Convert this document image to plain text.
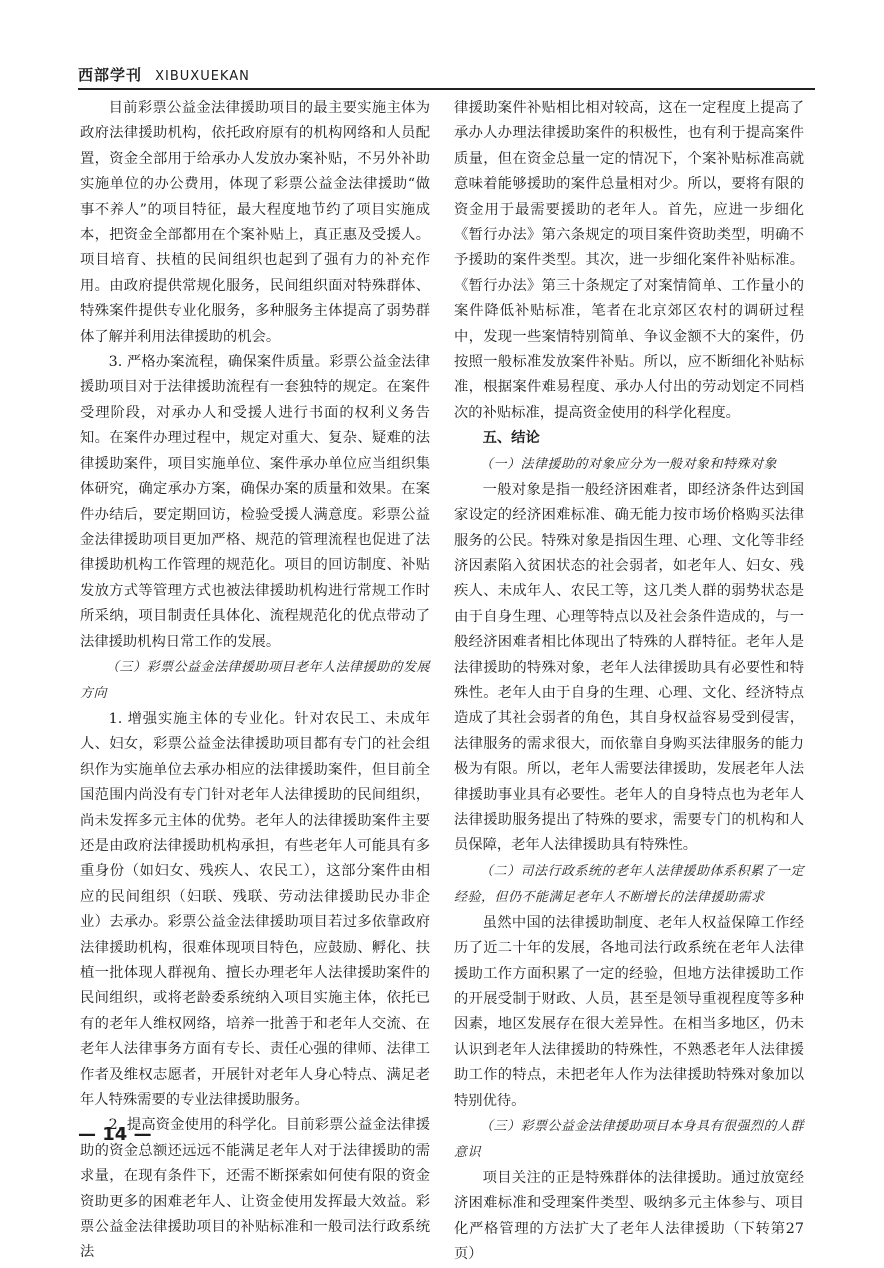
西部学刊 XIBUXUEKAN

目前彩票公益金法律援助项目的最主要实施主体为政府法律援助机构，依托政府原有的机构网络和人员配置，资金全部用于给承办人发放办案补贴，不另外补助实施单位的办公费用，体现了彩票公益金法律援助“做事不养人”的项目特征，最大程度地节约了项目实施成本，把资金全部都用在个案补贴上，真正惠及受援人。项目培育、扶植的民间组织也起到了强有力的补充作用。由政府提供常规化服务，民间组织面对特殊群体、特殊案件提供专业化服务，多种服务主体提高了弱势群体了解并利用法律援助的机会。

3. 严格办案流程，确保案件质量。彩票公益金法律援助项目对于法律援助流程有一套独特的规定。在案件受理阶段，对承办人和受援人进行书面的权利义务告知。在案件办理过程中，规定对重大、复杂、疑难的法律援助案件，项目实施单位、案件承办单位应当组织集体研究，确定承办方案，确保办案的质量和效果。在案件办结后，要定期回访，检验受援人满意度。彩票公益金法律援助项目更加严格、规范的管理流程也促进了法律援助机构工作管理的规范化。项目的回访制度、补贴发放方式等管理方式也被法律援助机构进行常规工作时所采纳，项目制责任具体化、流程规范化的优点带动了法律援助机构日常工作的发展。

（三）彩票公益金法律援助项目老年人法律援助的发展方向

1. 增强实施主体的专业化。针对农民工、未成年人、妇女，彩票公益金法律援助项目都有专门的社会组织作为实施单位去承办相应的法律援助案件，但目前全国范围内尚没有专门针对老年人法律援助的民间组织，尚未发挥多元主体的优势。老年人的法律援助案件主要还是由政府法律援助机构承担，有些老年人可能具有多重身份（如妇女、残疾人、农民工），这部分案件由相应的民间组织（妇联、残联、劳动法律援助民办非企业）去承办。彩票公益金法律援助项目若过多依靠政府法律援助机构，很难体现项目特色，应鼓励、孵化、扶植一批体现人群视角、擅长办理老年人法律援助案件的民间组织，或将老龄委系统纳入项目实施主体，依托已有的老年人维权网络，培养一批善于和老年人交流、在老年人法律事务方面有专长、责任心强的律师、法律工作者及维权志愿者，开展针对老年人身心特点、满足老年人特殊需要的专业法律援助服务。

2. 提高资金使用的科学化。目前彩票公益金法律援助的资金总额还远远不能满足老年人对于法律援助的需求量，在现有条件下，还需不断探索如何使有限的资金资助更多的困难老年人、让资金使用发挥最大效益。彩票公益金法律援助项目的补贴标准和一般司法行政系统法

律援助案件补贴相比相对较高，这在一定程度上提高了承办人办理法律援助案件的积极性，也有利于提高案件质量，但在资金总量一定的情况下，个案补贴标准高就意味着能够援助的案件总量相对少。所以，要将有限的资金用于最需要援助的老年人。首先，应进一步细化《暂行办法》第六条规定的项目案件资助类型，明确不予援助的案件类型。其次，进一步细化案件补贴标准。《暂行办法》第三十条规定了对案情简单、工作量小的案件降低补贴标准，笔者在北京郊区农村的调研过程中，发现一些案情特别简单、争议金额不大的案件，仍按照一般标准发放案件补贴。所以，应不断细化补贴标准，根据案件难易程度、承办人付出的劳动划定不同档次的补贴标准，提高资金使用的科学化程度。

五、结论

（一）法律援助的对象应分为一般对象和特殊对象

一般对象是指一般经济困难者，即经济条件达到国家设定的经济困难标准、确无能力按市场价格购买法律服务的公民。特殊对象是指因生理、心理、文化等非经济因素陷入贫困状态的社会弱者，如老年人、妇女、残疾人、未成年人、农民工等，这几类人群的弱势状态是由于自身生理、心理等特点以及社会条件造成的，与一般经济困难者相比体现出了特殊的人群特征。老年人是法律援助的特殊对象，老年人法律援助具有必要性和特殊性。老年人由于自身的生理、心理、文化、经济特点造成了其社会弱者的角色，其自身权益容易受到侵害，法律服务的需求很大，而依靠自身购买法律服务的能力极为有限。所以，老年人需要法律援助，发展老年人法律援助事业具有必要性。老年人的自身特点也为老年人法律援助服务提出了特殊的要求，需要专门的机构和人员保障，老年人法律援助具有特殊性。

（二）司法行政系统的老年人法律援助体系积累了一定经验，但仍不能满足老年人不断增长的法律援助需求

虽然中国的法律援助制度、老年人权益保障工作经历了近二十年的发展，各地司法行政系统在老年人法律援助工作方面积累了一定的经验，但地方法律援助工作的开展受制于财政、人员，甚至是领导重视程度等多种因素，地区发展存在很大差异性。在相当多地区，仍未认识到老年人法律援助的特殊性，不熟悉老年人法律援助工作的特点，未把老年人作为法律援助特殊对象加以特别优待。

（三）彩票公益金法律援助项目本身具有很强烈的人群意识

项目关注的正是特殊群体的法律援助。通过放宽经济困难标准和受理案件类型、吸纳多元主体参与、项目化严格管理的方法扩大了老年人法律援助（下转第27页）

— 14 —
